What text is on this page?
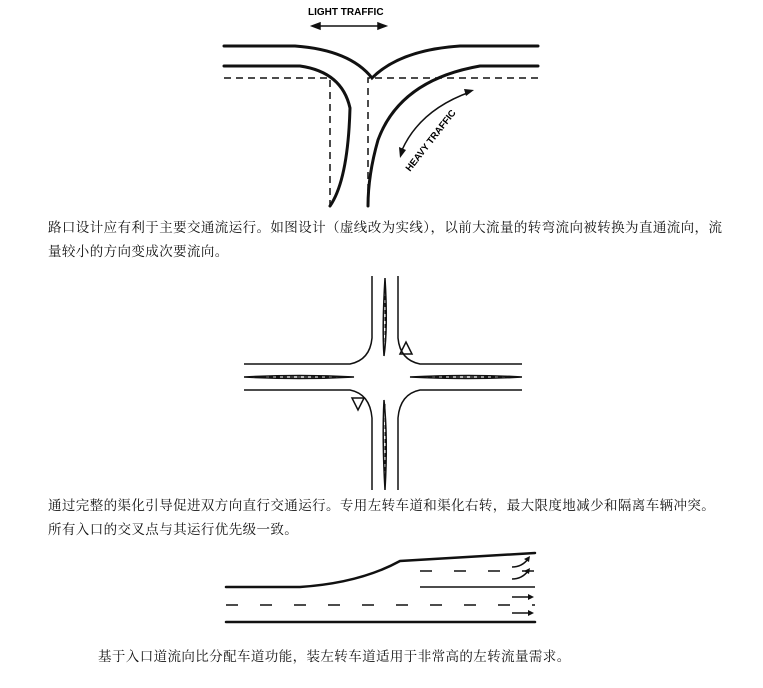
LIGHT TRAFFIC
HEAVY TRAFFIC
路口设计应有利于主要交通流运行。如图设计（虚线改为实线），以前大流量的转弯流向被转换为直通流向，流量较小的方向变成次要流向。
通过完整的渠化引导促进双方向直行交通运行。专用左转车道和渠化右转，最大限度地减少和隔离车辆冲突。所有入口的交叉点与其运行优先级一致。
基于入口道流向比分配车道功能，装左转车道适用于非常高的左转流量需求。
